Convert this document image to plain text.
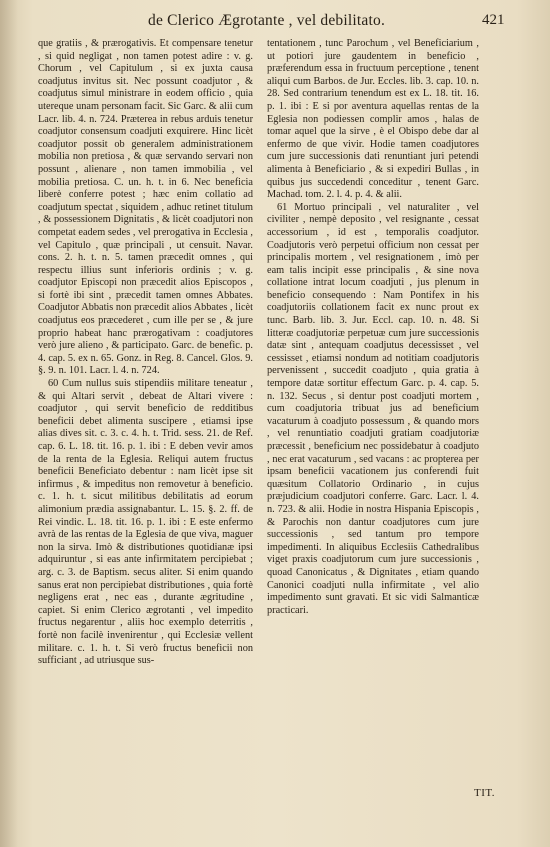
de Clerico Ægrotante , vel debilitato.	421

que gratiis , & prærogativis. Et compensare tenetur , si quid negligat , non tamen potest adire : v. g. Chorum , vel Capitulum , si ex juxta causa coadjutus invitus sit. Nec possunt coadjutor , & coadjutus simul ministrare in eodem officio , quia utereque unam personam facit. Sic Garc. & alii cum Lacr. lib. 4. n. 724. Præterea in rebus arduis tenetur coadjutor consensum coadjuti exquirere. Hinc licèt coadjutor possit ob generalem administrationem mobilia non pretiosa , & quæ servando servari non possunt , alienare , non tamen immobilia , vel mobilia pretiosa. C. un. h. t. in 6. Nec beneficia liberè conferre potest ; hæc enim collatio ad coadjutum spectat , siquidem , adhuc retinet titulum , & possessionem Dignitatis , & licèt coadjutori non competat eadem sedes , vel prerogativa in Ecclesia , vel Capitulo , quæ principali , ut censuit. Navar. cons. 2. h. t. n. 5. tamen præcedit omnes , qui respectu illius sunt inferioris ordinis ; v. g. coadjutor Episcopi non præcedit alios Episcopos , si fortè ibi sint , præcedit tamen omnes Abbates. Coadjutor Abbatis non præcedit alios Abbates , licèt coadjutus eos præcederet , cum ille per se , & jure proprio habeat hanc prærogativam : coadjutores verò jure alieno , & participato. Garc. de benefic. p. 4. cap. 5. ex n. 65. Gonz. in Reg. 8. Cancel. Glos. 9. §. 9. n. 101. Lacr. l. 4. n. 724.

60 Cum nullus suis stipendiis militare teneatur , & qui Altari servit , debeat de Altari vivere : coadjutor , qui servit beneficio de redditibus beneficii debet alimenta suscipere , etiamsi ipse alias dives sit. c. 3. c. 4. h. t. Trid. sess. 21. de Ref. cap. 6. L. 18. tit. 16. p. 1. ibi : E deben vevir amos de la renta de la Eglesia. Reliqui autem fructus beneficii Beneficiato debentur : nam licèt ipse sit infirmus , & impeditus non removetur à beneficio. c. 1. h. t. sicut militibus debilitatis ad eorum alimonium prædia assignabantur. L. 15. §. 2. ff. de Rei vindic. L. 18. tit. 16. p. 1. ibi : E este enfermo avrà de las rentas de la Eglesia de que viva, maguer non la sirva. Imò & distributiones quotidianæ ipsi adquiruntur , si eas ante infirmitatem percipiebat ; arg. c. 3. de Baptism. secus aliter. Si enim quando sanus erat non percipiebat distributiones , quia fortè negligens erat , nec eas , durante ægritudine , capiet. Si enim Clerico ægrotanti , vel impedito fructus negarentur , aliis hoc exemplo deterritis , fortè non facilè invenirentur , qui Ecclesiæ vellent militare. c. 1. h. t. Si verò fructus beneficii non sufficiant , ad utriusque sus-

tentationem , tunc Parochum , vel Beneficiarium , ut potiori jure gaudentem in beneficio , præferendum essa in fructuum perceptione , tenent aliqui cum Barbos. de Jur. Eccles. lib. 3. cap. 10. n. 28. Sed contrarium tenendum est ex L. 18. tit. 16. p. 1. ibi : E si por aventura aquellas rentas de la Eglesia non podiessen complir amos , halas de tomar aquel que la sirve , è el Obispo debe dar al enfermo de que vivir. Hodie tamen coadjutores cum jure successionis dati renuntiant juri petendi alimenta à Beneficiario , & si expediri Bullas , in quibus jus succedendi conceditur , tenent Garc. Machad. tom. 2. l. 4. p. 4. & alii.

61 Mortuo principali , vel naturaliter , vel civiliter , nempè deposito , vel resignante , cessat accessorium , id est , temporalis coadjutor. Coadjutoris verò perpetui officium non cessat per principalis mortem , vel resignationem , imò per eam talis incipit esse principalis , & sine nova collatione intrat locum coadjuti , jus plenum in beneficio consequendo : Nam Pontifex in his coadjutoriis collationem facit ex nunc prout ex tunc. Barb. lib. 3. Jur. Eccl. cap. 10. n. 48. Si litteræ coadjutoriæ perpetuæ cum jure successionis datæ sint , antequam coadjutus decessisset , vel cessisset , etiamsi nondum ad notitiam coadjutoris pervenissent , succedit coadjuto , quia gratia à tempore datæ sortitur effectum Garc. p. 4. cap. 5. n. 132. Secus , si dentur post coadjuti mortem , cum coadjutoria tribuat jus ad beneficium vacaturum à coadjuto possessum , & quando mors , vel renuntiatio coadjuti gratiam coadjutoriæ præcessit , beneficium nec possidebatur à coadjuto , nec erat vacaturum , sed vacans : ac propterea per ipsam beneficii vacationem jus conferendi fuit quæsitum Collatorio Ordinario , in cujus præjudicium coadjutori conferre. Garc. Lacr. l. 4. n. 723. & alii. Hodie in nostra Hispania Episcopis , & Parochis non dantur coadjutores cum jure successionis , sed tantum pro tempore impedimenti. In aliquibus Ecclesiis Cathedralibus viget praxis coadjutorum cum jure successionis , quoad Canonicatus , & Dignitates , etiam quando Canonici coadjuti nulla infirmitate , vel alio impedimento sunt gravati. Et sic vidi Salmanticæ practicari.

TIT.
